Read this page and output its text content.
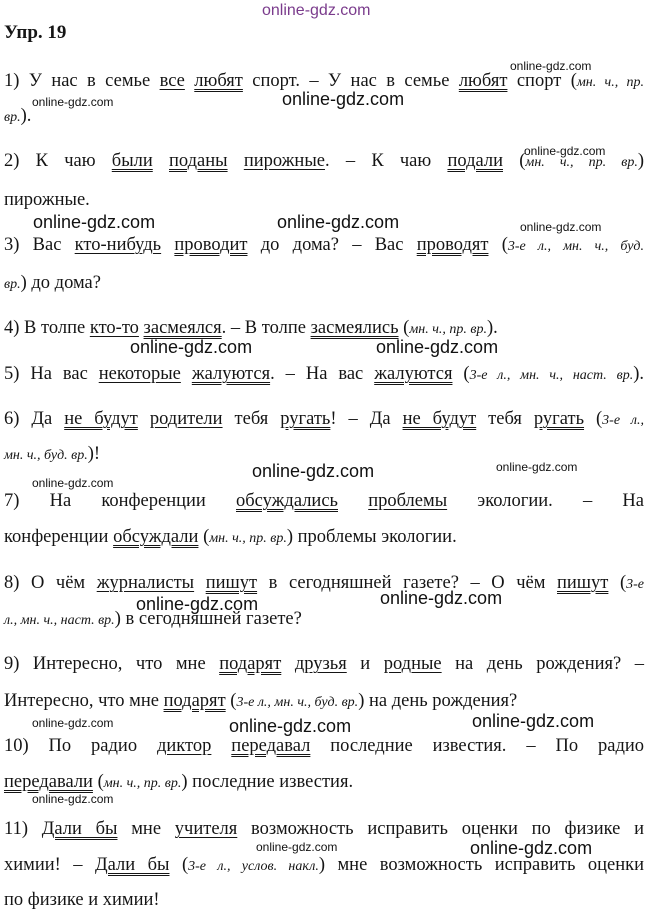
online-gdz.com
online-gdz.com
online-gdz.com	online-gdz.com
online-gdz.com
online-gdz.com	online-gdz.com	online-gdz.com
online-gdz.com	online-gdz.com
online-gdz.com	online-gdz.com
online-gdz.com
online-gdz.com	online-gdz.com
online-gdz.com	online-gdz.com	online-gdz.com
online-gdz.com
online-gdz.com	online-gdz.com
Упр. 19
1) У нас в семье все любят спорт. – У нас в семье любят спорт (мн. ч., пр.
вр.).
2) К чаю были поданы пирожные. – К чаю подали (мн. ч., пр. вр.)
пирожные.
3) Вас кто-нибудь проводит до дома? – Вас проводят (3-е л., мн. ч., буд.
вр.) до дома?
4) В толпе кто-то засмеялся. – В толпе засмеялись (мн. ч., пр. вр.).
5) На вас некоторые жалуются. – На вас жалуются (3-е л., мн. ч., наст. вр.).
6) Да не будут родители тебя ругать! – Да не будут тебя ругать (3-е л.,
мн. ч., буд. вр.)!
7) На конференции обсуждались проблемы экологии. – На
конференции обсуждали (мн. ч., пр. вр.) проблемы экологии.
8) О чём журналисты пишут в сегодняшней газете? – О чём пишут (3-е
л., мн. ч., наст. вр.) в сегодняшней газете?
9) Интересно, что мне подарят друзья и родные на день рождения? –
Интересно, что мне подарят (3-е л., мн. ч., буд. вр.) на день рождения?
10) По радио диктор передавал последние известия. – По радио
передавали (мн. ч., пр. вр.) последние известия.
11) Дали бы мне учителя возможность исправить оценки по физике и
химии! – Дали бы (3-е л., услов. накл.) мне возможность исправить оценки
по физике и химии!
